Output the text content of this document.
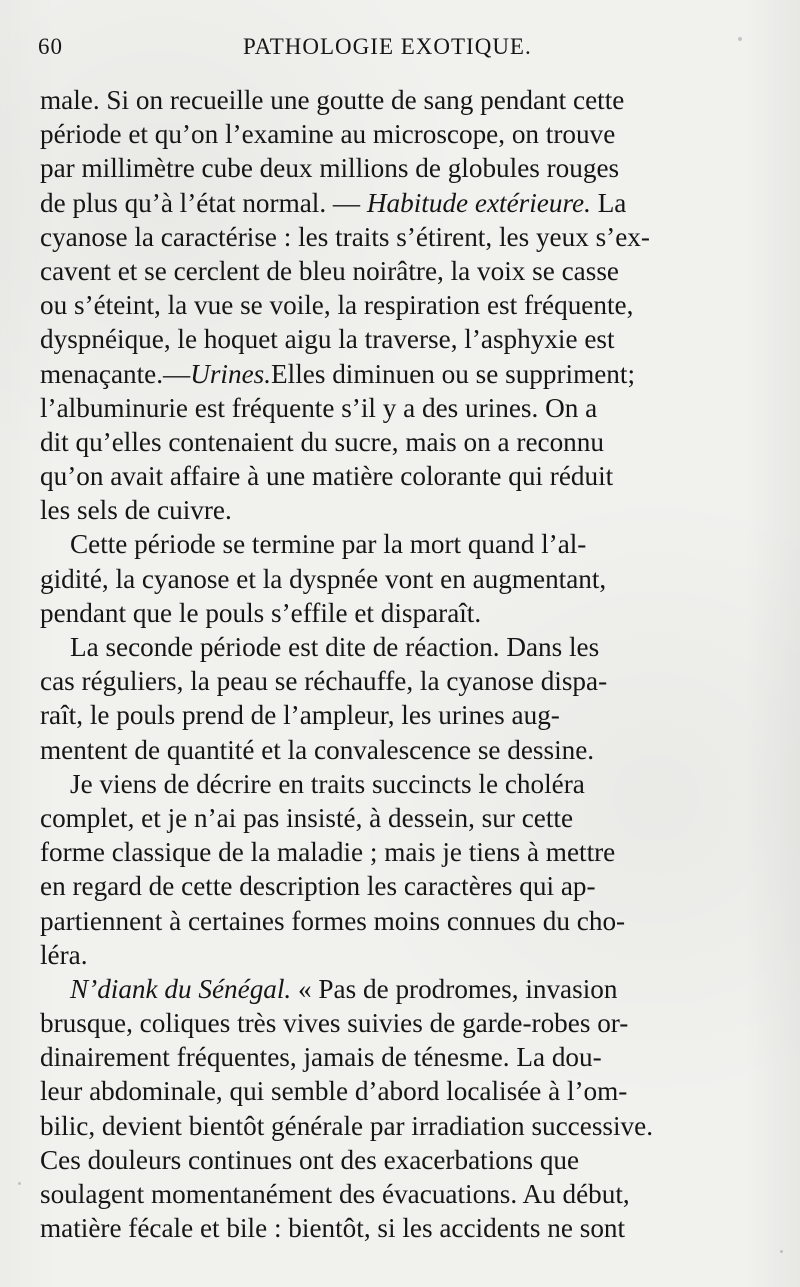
60	PATHOLOGIE EXOTIQUE.
male. Si on recueille une goutte de sang pendant cette
période et qu’on l’examine au microscope, on trouve
par millimètre cube deux millions de globules rouges
de plus qu’à l’état normal. — Habitude extérieure. La
cyanose la caractérise : les traits s’étirent, les yeux s’ex-
cavent et se cerclent de bleu noirâtre, la voix se casse
ou s’éteint, la vue se voile, la respiration est fréquente,
dyspnéique, le hoquet aigu la traverse, l’asphyxie est
menaçante.—Urines.Elles diminuen ou se suppriment;
l’albuminurie est fréquente s’il y a des urines. On a
dit qu’elles contenaient du sucre, mais on a reconnu
qu’on avait affaire à une matière colorante qui réduit
les sels de cuivre.
Cette période se termine par la mort quand l’al-
gidité, la cyanose et la dyspnée vont en augmentant,
pendant que le pouls s’effile et disparaît.
La seconde période est dite de réaction. Dans les
cas réguliers, la peau se réchauffe, la cyanose dispa-
raît, le pouls prend de l’ampleur, les urines aug-
mentent de quantité et la convalescence se dessine.
Je viens de décrire en traits succincts le choléra
complet, et je n’ai pas insisté, à dessein, sur cette
forme classique de la maladie ; mais je tiens à mettre
en regard de cette description les caractères qui ap-
partiennent à certaines formes moins connues du cho-
léra.
N’diank du Sénégal. « Pas de prodromes, invasion
brusque, coliques très vives suivies de garde-robes or-
dinairement fréquentes, jamais de ténesme. La dou-
leur abdominale, qui semble d’abord localisée à l’om-
bilic, devient bientôt générale par irradiation successive.
Ces douleurs continues ont des exacerbations que
soulagent momentanément des évacuations. Au début,
matière fécale et bile : bientôt, si les accidents ne sont
